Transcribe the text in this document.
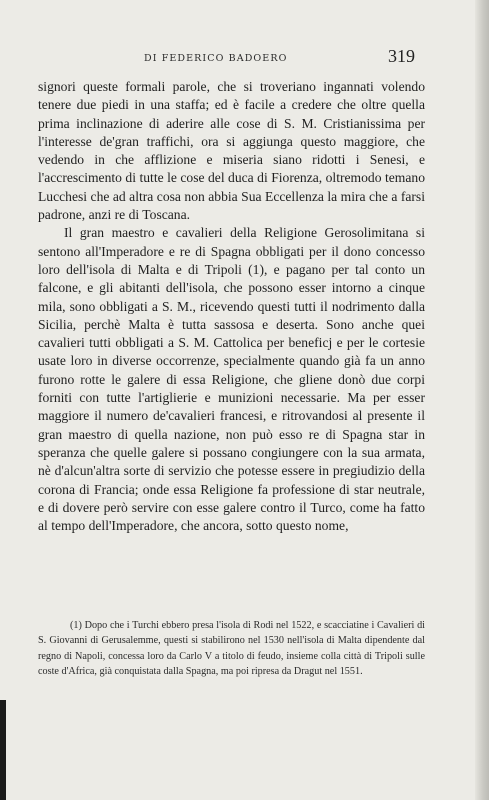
DI FEDERICO BADOERO	319

signori queste formali parole, che si troveriano ingannati volendo tenere due piedi in una staffa; ed è facile a credere che oltre quella prima inclinazione di aderire alle cose di S. M. Cristianissima per l'interesse de'gran traffichi, ora si aggiunga questo maggiore, che vedendo in che afflizione e miseria siano ridotti i Senesi, e l'accrescimento di tutte le cose del duca di Fiorenza, oltremodo temano Lucchesi che ad altra cosa non abbia Sua Eccellenza la mira che a farsi padrone, anzi re di Toscana.

Il gran maestro e cavalieri della Religione Gerosolimitana si sentono all'Imperadore e re di Spagna obbligati per il dono concesso loro dell'isola di Malta e di Tripoli (1), e pagano per tal conto un falcone, e gli abitanti dell'isola, che possono esser intorno a cinque mila, sono obbligati a S. M., ricevendo questi tutti il nodrimento dalla Sicilia, perchè Malta è tutta sassosa e deserta. Sono anche quei cavalieri tutti obbligati a S. M. Cattolica per beneficj e per le cortesie usate loro in diverse occorrenze, specialmente quando già fa un anno furono rotte le galere di essa Religione, che gliene donò due corpi forniti con tutte l'artiglierie e munizioni necessarie. Ma per esser maggiore il numero de'cavalieri francesi, e ritrovandosi al presente il gran maestro di quella nazione, non può esso re di Spagna star in speranza che quelle galere si possano congiungere con la sua armata, nè d'alcun'altra sorte di servizio che potesse essere in pregiudizio della corona di Francia; onde essa Religione fa professione di star neutrale, e di dovere però servire con esse galere contro il Turco, come ha fatto al tempo dell'Imperadore, che ancora, sotto questo nome,

(1) Dopo che i Turchi ebbero presa l'isola di Rodi nel 1522, e scacciatine i Cavalieri di S. Giovanni di Gerusalemme, questi si stabilirono nel 1530 nell'isola di Malta dipendente dal regno di Napoli, concessa loro da Carlo V a titolo di feudo, insieme colla città di Tripoli sulle coste d'Africa, già conquistata dalla Spagna, ma poi ripresa da Dragut nel 1551.
